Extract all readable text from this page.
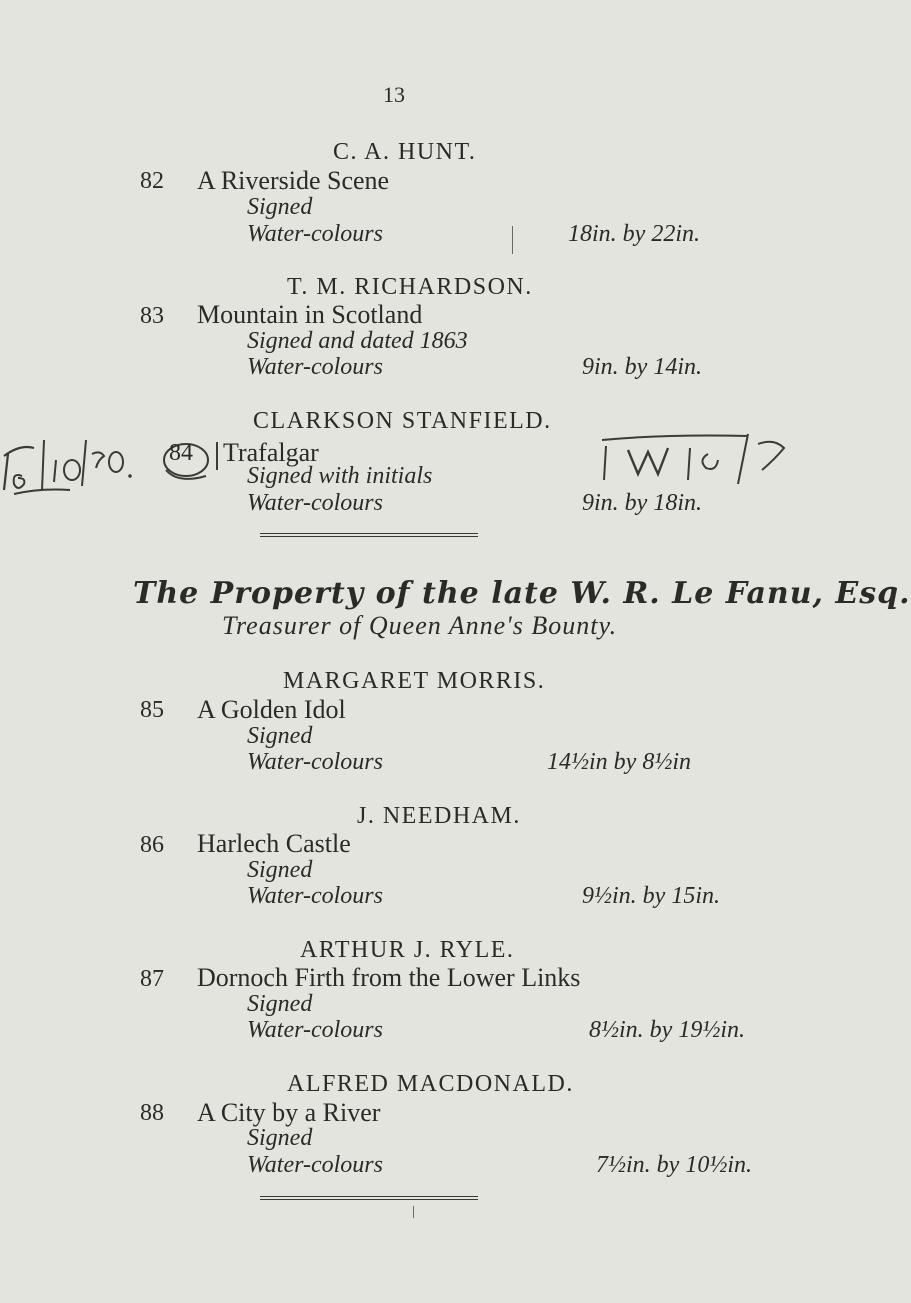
13
C. A. HUNT.
82 A Riverside Scene
Signed
Water-colours	18in. by 22in.
T. M. RICHARDSON.
83 Mountain in Scotland
Signed and dated 1863
Water-colours	9in. by 14in.
CLARKSON STANFIELD.
84 Trafalgar
Signed with initials
Water-colours	9in. by 18in.
The Property of the late W. R. Le Fanu, Esq.
Treasurer of Queen Anne's Bounty.
MARGARET MORRIS.
85 A Golden Idol
Signed
Water-colours	14½in by 8½in
J. NEEDHAM.
86 Harlech Castle
Signed
Water-colours	9½in. by 15in.
ARTHUR J. RYLE.
87 Dornoch Firth from the Lower Links
Signed
Water-colours	8½in. by 19½in.
ALFRED MACDONALD.
88 A City by a River
Signed
Water-colours	7½in. by 10½in.
